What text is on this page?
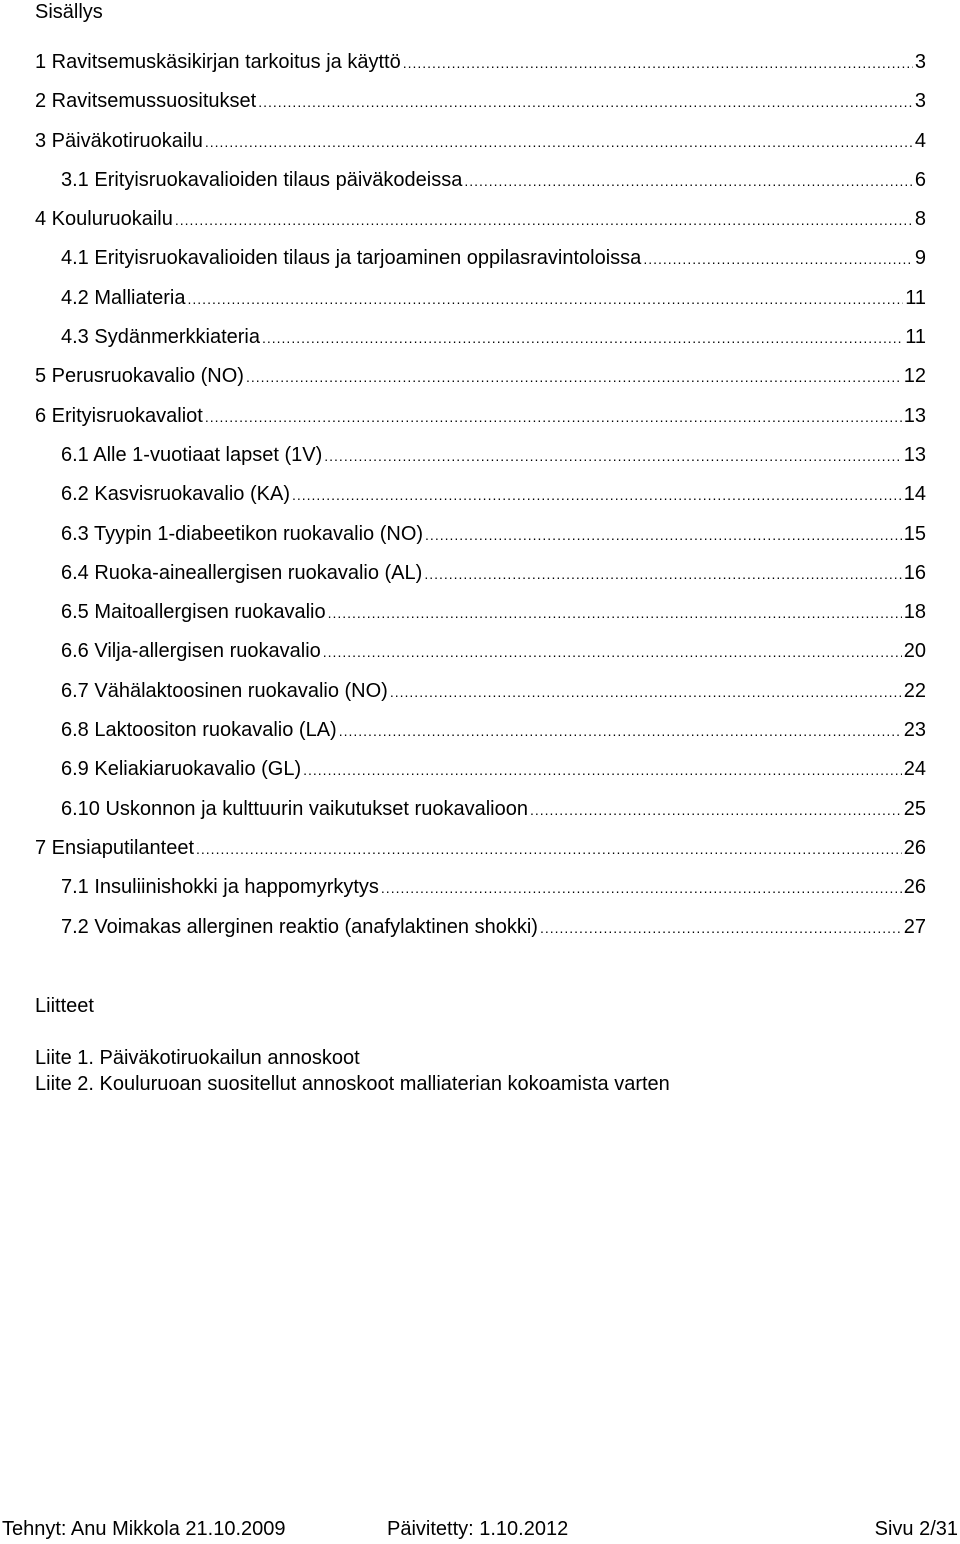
Sisällys
1 Ravitsemuskäsikirjan tarkoitus ja käyttö .....	3
2 Ravitsemussuositukset .....	3
3 Päiväkotiruokailu .....	4
3.1 Erityisruokavalioiden tilaus päiväkodeissa .....	6
4 Kouluruokailu .....	8
4.1 Erityisruokavalioiden tilaus ja tarjoaminen oppilasravintoloissa .....	9
4.2 Malliateria .....	11
4.3 Sydänmerkkiateria .....	11
5 Perusruokavalio (NO) .....	12
6 Erityisruokavaliot .....	13
6.1 Alle 1-vuotiaat lapset (1V) .....	13
6.2 Kasvisruokavalio (KA) .....	14
6.3 Tyypin 1-diabeetikon ruokavalio (NO) .....	15
6.4 Ruoka-aineallergisen ruokavalio (AL) .....	16
6.5 Maitoallergisen ruokavalio .....	18
6.6 Vilja-allergisen ruokavalio .....	20
6.7 Vähälaktoosinen ruokavalio (NO) .....	22
6.8 Laktoositon ruokavalio (LA) .....	23
6.9 Keliakiaruokavalio (GL) .....	24
6.10 Uskonnon ja kulttuurin vaikutukset ruokavalioon .....	25
7 Ensiaputilanteet .....	26
7.1 Insuliinishokki ja happomyrkytys .....	26
7.2 Voimakas allerginen reaktio (anafylaktinen shokki) .....	27
Liitteet
Liite 1. Päiväkotiruokailun annoskoot
Liite 2. Kouluruoan suositellut annoskoot malliaterian kokoamista varten
Tehnyt: Anu Mikkola 21.10.2009	Päivitetty: 1.10.2012	Sivu 2/31
